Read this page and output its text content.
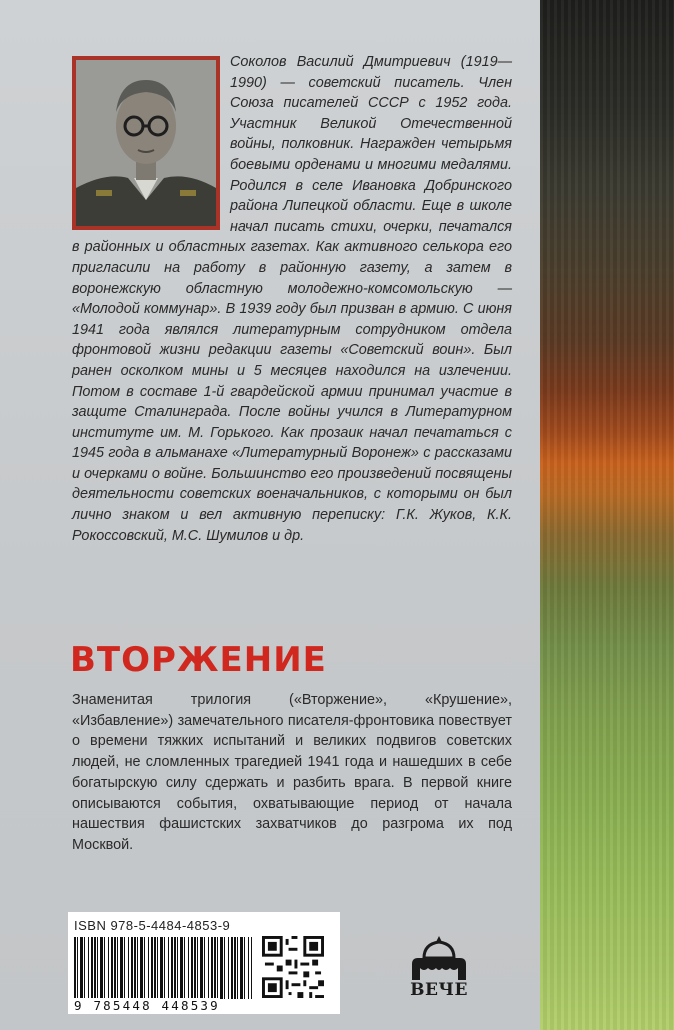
Соколов Василий Дмитриевич (1919—1990) — советский писатель. Член Союза писателей СССР с 1952 года. Участник Великой Отечественной войны, полковник. Награжден четырьмя боевыми орденами и многими медалями. Родился в селе Ивановка Добринского района Липецкой области. Еще в школе начал писать стихи, очерки, печатался в районных и областных газетах. Как активного селькора его пригласили на работу в районную газету, а затем в воронежскую областную молодежно-комсомольскую — «Молодой коммунар». В 1939 году был призван в армию. С июня 1941 года являлся литературным сотрудником отдела фронтовой жизни редакции газеты «Советский воин». Был ранен осколком мины и 5 месяцев находился на излечении. Потом в составе 1-й гвардейской армии принимал участие в защите Сталинграда. После войны учился в Литературном институте им. М. Горького. Как прозаик начал печататься с 1945 года в альманахе «Литературный Воронеж» с рассказами и очерками о войне. Большинство его произведений посвящены деятельности советских военачальников, с которыми он был лично знаком и вел активную переписку: Г.К. Жуков, К.К. Рокоссовский, М.С. Шумилов и др.
ВТОРЖЕНИЕ
Знаменитая трилогия («Вторжение», «Крушение», «Избавление») замечательного писателя-фронтовика повествует о времени тяжких испытаний и великих подвигов советских людей, не сломленных трагедией 1941 года и нашедших в себе богатырскую силу сдержать и разбить врага. В первой книге описываются события, охватывающие период от начала нашествия фашистских захватчиков до разгрома их под Москвой.
ISBN 978-5-4484-4853-9
9 785448 448539
ВЕЧЕ
